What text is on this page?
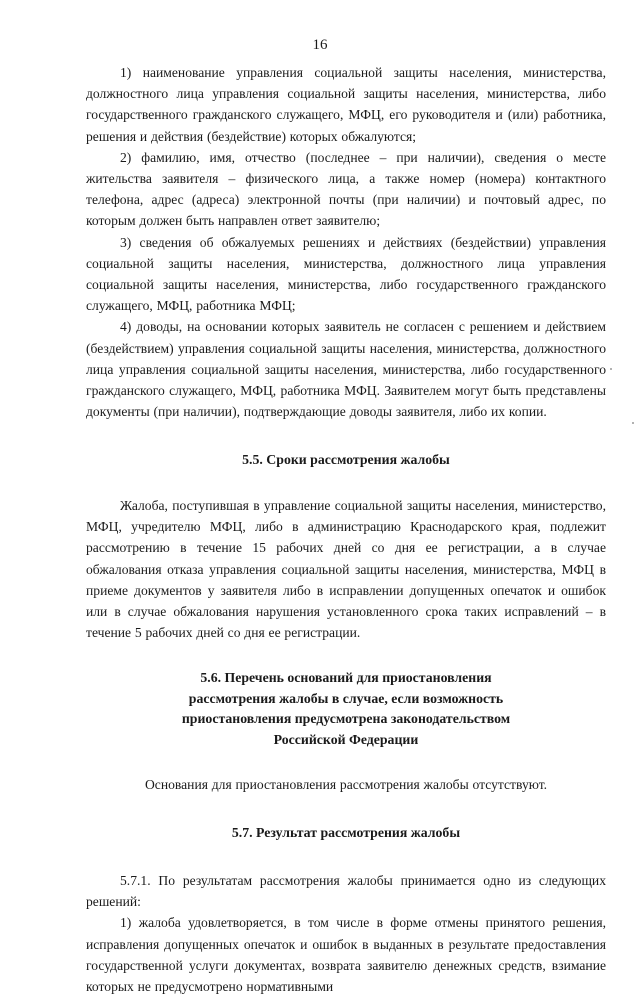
16

1) наименование управления социальной защиты населения, министерства, должностного лица управления социальной защиты населения, министерства, либо государственного гражданского служащего, МФЦ, его руководителя и (или) работника, решения и действия (бездействие) которых обжалуются;

2) фамилию, имя, отчество (последнее – при наличии), сведения о месте жительства заявителя – физического лица, а также номер (номера) контактного телефона, адрес (адреса) электронной почты (при наличии) и почтовый адрес, по которым должен быть направлен ответ заявителю;

3) сведения об обжалуемых решениях и действиях (бездействии) управления социальной защиты населения, министерства, должностного лица управления социальной защиты населения, министерства, либо государственного гражданского служащего, МФЦ, работника МФЦ;

4) доводы, на основании которых заявитель не согласен с решением и действием (бездействием) управления социальной защиты населения, министерства, должностного лица управления социальной защиты населения, министерства, либо государственного гражданского служащего, МФЦ, работника МФЦ. Заявителем могут быть представлены документы (при наличии), подтверждающие доводы заявителя, либо их копии.

5.5. Сроки рассмотрения жалобы

Жалоба, поступившая в управление социальной защиты населения, министерство, МФЦ, учредителю МФЦ, либо в администрацию Краснодарского края, подлежит рассмотрению в течение 15 рабочих дней со дня ее регистрации, а в случае обжалования отказа управления социальной защиты населения, министерства, МФЦ в приеме документов у заявителя либо в исправлении допущенных опечаток и ошибок или в случае обжалования нарушения установленного срока таких исправлений – в течение 5 рабочих дней со дня ее регистрации.

5.6. Перечень оснований для приостановления

рассмотрения жалобы в случае, если возможность

приостановления предусмотрена законодательством

Российской Федерации

Основания для приостановления рассмотрения жалобы отсутствуют.

5.7. Результат рассмотрения жалобы

5.7.1. По результатам рассмотрения жалобы принимается одно из следующих решений:

1) жалоба удовлетворяется, в том числе в форме отмены принятого решения, исправления допущенных опечаток и ошибок в выданных в результате предоставления государственной услуги документах, возврата заявителю денежных средств, взимание которых не предусмотрено нормативными
